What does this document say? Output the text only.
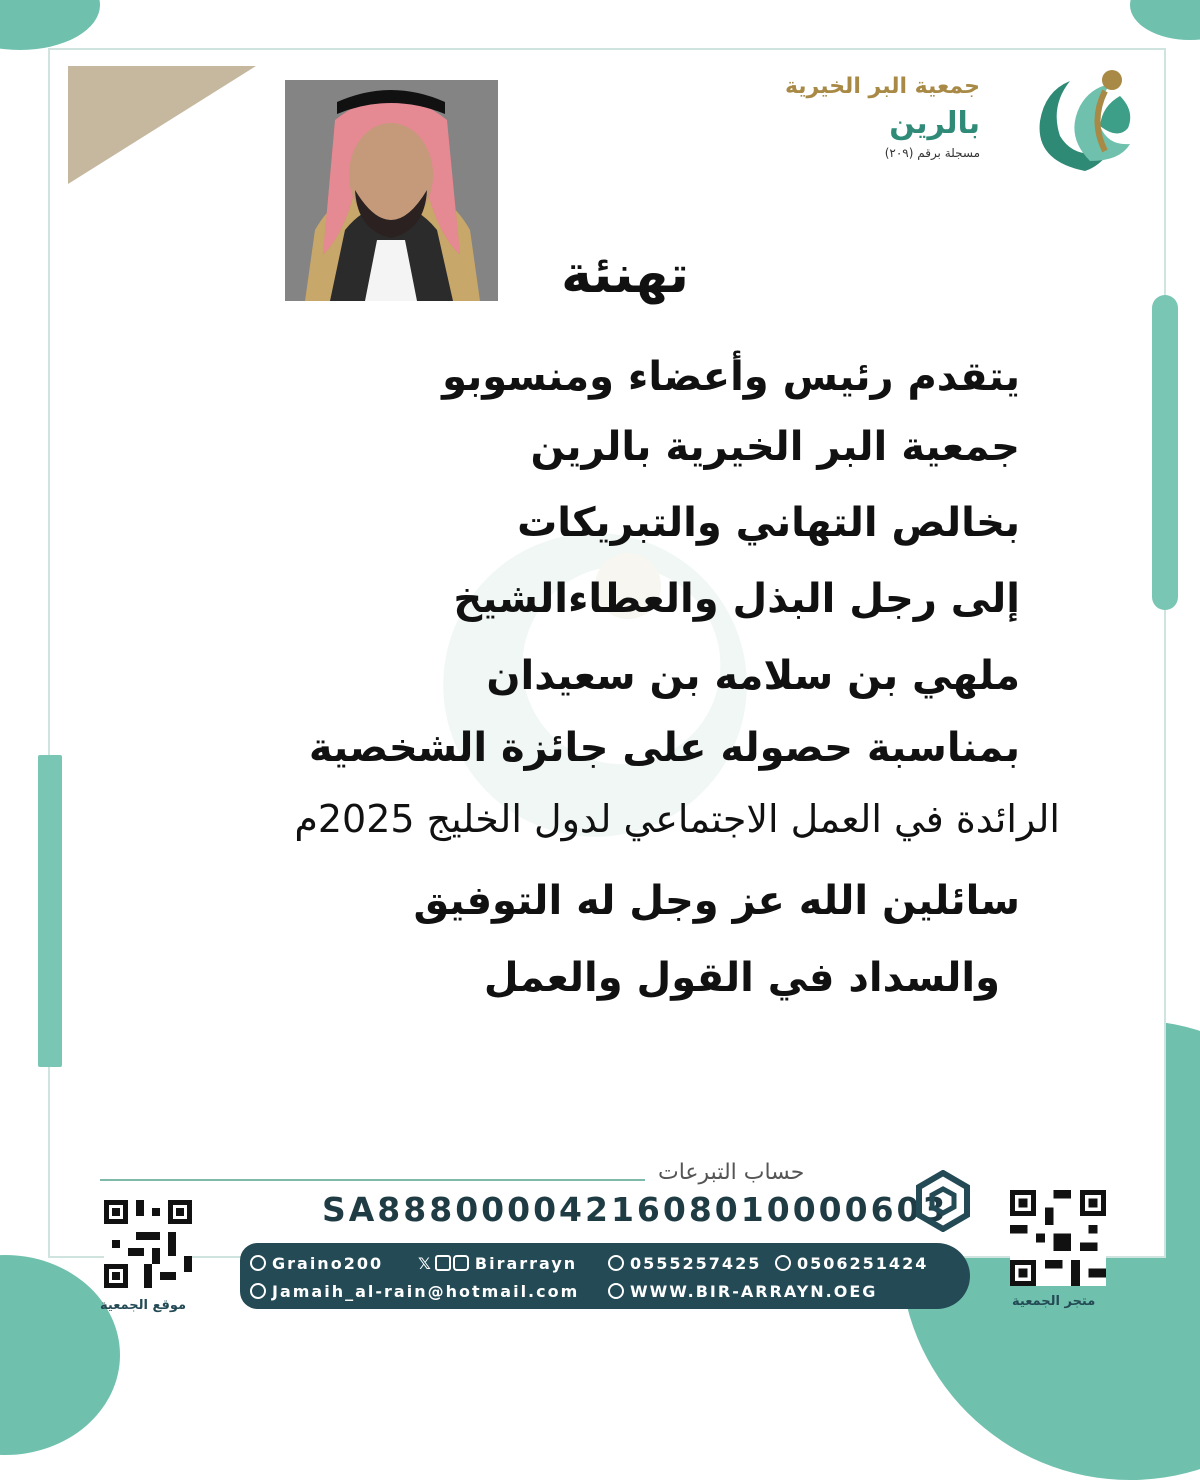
جمعية البر الخيرية
بالرين
مسجلة برقم (٢٠٩)
تهنئة
يتقدم رئيس وأعضاء ومنسوبو
جمعية البر الخيرية بالرين
بخالص التهاني والتبريكات
إلى رجل البذل والعطاءالشيخ
ملهي بن سلامه بن سعيدان
بمناسبة حصوله على جائزة الشخصية
الرائدة في العمل الاجتماعي لدول الخليج 2025م
سائلين الله عز وجل له التوفيق
والسداد في القول والعمل
حساب التبرعات
SA8880000421608010000603
Graino200 𝕏	Birarrayn
Jamaih_al-rain@hotmail.com
0555257425	0506251424
WWW.BIR-ARRAYN.OEG
موقع الجمعية	متجر الجمعية
